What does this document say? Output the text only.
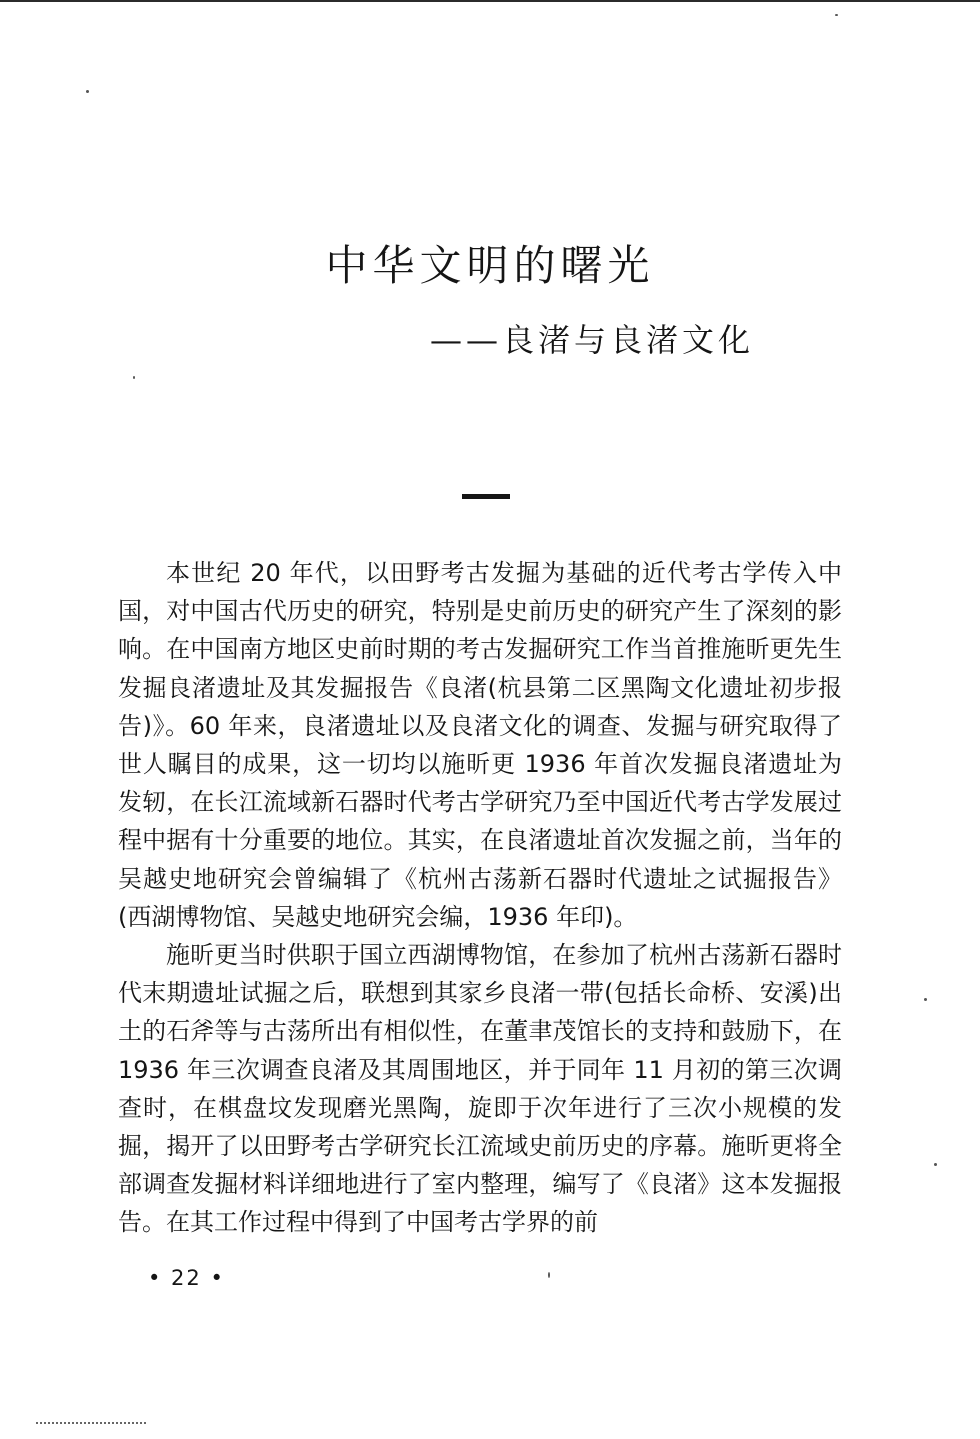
中华文明的曙光
——良渚与良渚文化

本世纪 20 年代，以田野考古发掘为基础的近代考古学传入中国，对中国古代历史的研究，特别是史前历史的研究产生了深刻的影响。在中国南方地区史前时期的考古发掘研究工作当首推施昕更先生发掘良渚遗址及其发掘报告《良渚(杭县第二区黑陶文化遗址初步报告)》。60 年来，良渚遗址以及良渚文化的调查、发掘与研究取得了世人瞩目的成果，这一切均以施昕更 1936 年首次发掘良渚遗址为发轫，在长江流域新石器时代考古学研究乃至中国近代考古学发展过程中据有十分重要的地位。其实，在良渚遗址首次发掘之前，当年的吴越史地研究会曾编辑了《杭州古荡新石器时代遗址之试掘报告》(西湖博物馆、吴越史地研究会编，1936 年印)。

施昕更当时供职于国立西湖博物馆，在参加了杭州古荡新石器时代末期遗址试掘之后，联想到其家乡良渚一带(包括长命桥、安溪)出土的石斧等与古荡所出有相似性，在董聿茂馆长的支持和鼓励下，在 1936 年三次调查良渚及其周围地区，并于同年 11 月初的第三次调查时，在棋盘坟发现磨光黑陶，旋即于次年进行了三次小规模的发掘，揭开了以田野考古学研究长江流域史前历史的序幕。施昕更将全部调查发掘材料详细地进行了室内整理，编写了《良渚》这本发掘报告。在其工作过程中得到了中国考古学界的前

• 22 •
